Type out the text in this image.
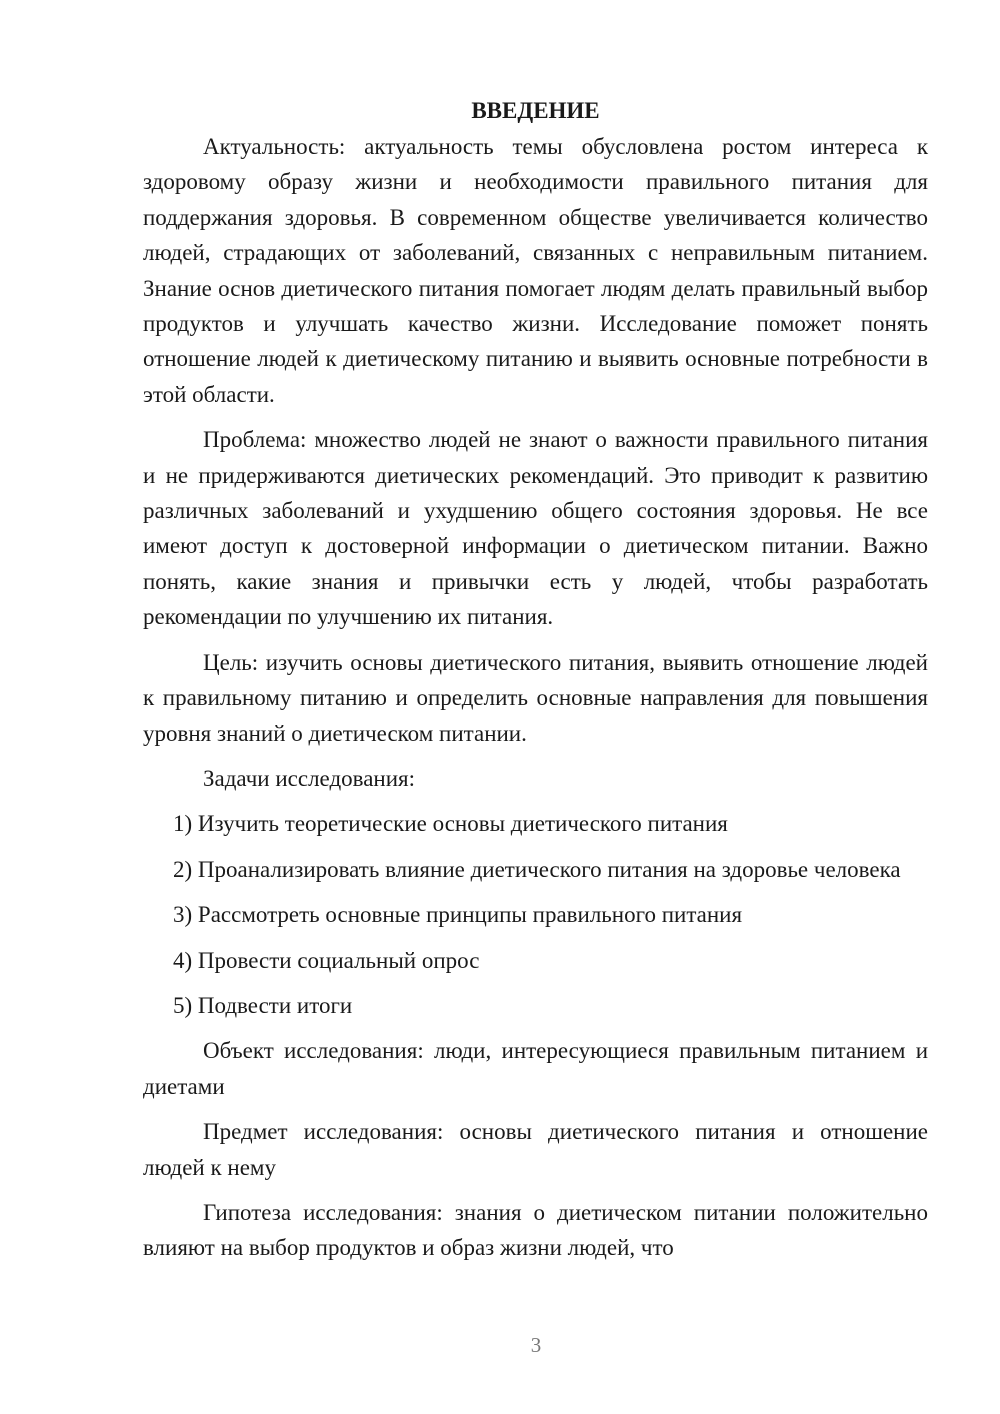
ВВЕДЕНИЕ

Актуальность: актуальность темы обусловлена ростом интереса к здоровому образу жизни и необходимости правильного питания для поддержания здоровья. В современном обществе увеличивается количество людей, страдающих от заболеваний, связанных с неправильным питанием. Знание основ диетического питания помогает людям делать правильный выбор продуктов и улучшать качество жизни. Исследование поможет понять отношение людей к диетическому питанию и выявить основные потребности в этой области.

Проблема: множество людей не знают о важности правильного питания и не придерживаются диетических рекомендаций. Это приводит к развитию различных заболеваний и ухудшению общего состояния здоровья. Не все имеют доступ к достоверной информации о диетическом питании. Важно понять, какие знания и привычки есть у людей, чтобы разработать рекомендации по улучшению их питания.

Цель: изучить основы диетического питания, выявить отношение людей к правильному питанию и определить основные направления для повышения уровня знаний о диетическом питании.

Задачи исследования:

1) Изучить теоретические основы диетического питания

2) Проанализировать влияние диетического питания на здоровье человека

3) Рассмотреть основные принципы правильного питания

4) Провести социальный опрос

5) Подвести итоги

Объект исследования: люди, интересующиеся правильным питанием и диетами

Предмет исследования: основы диетического питания и отношение людей к нему

Гипотеза исследования: знания о диетическом питании положительно влияют на выбор продуктов и образ жизни людей, что

3
